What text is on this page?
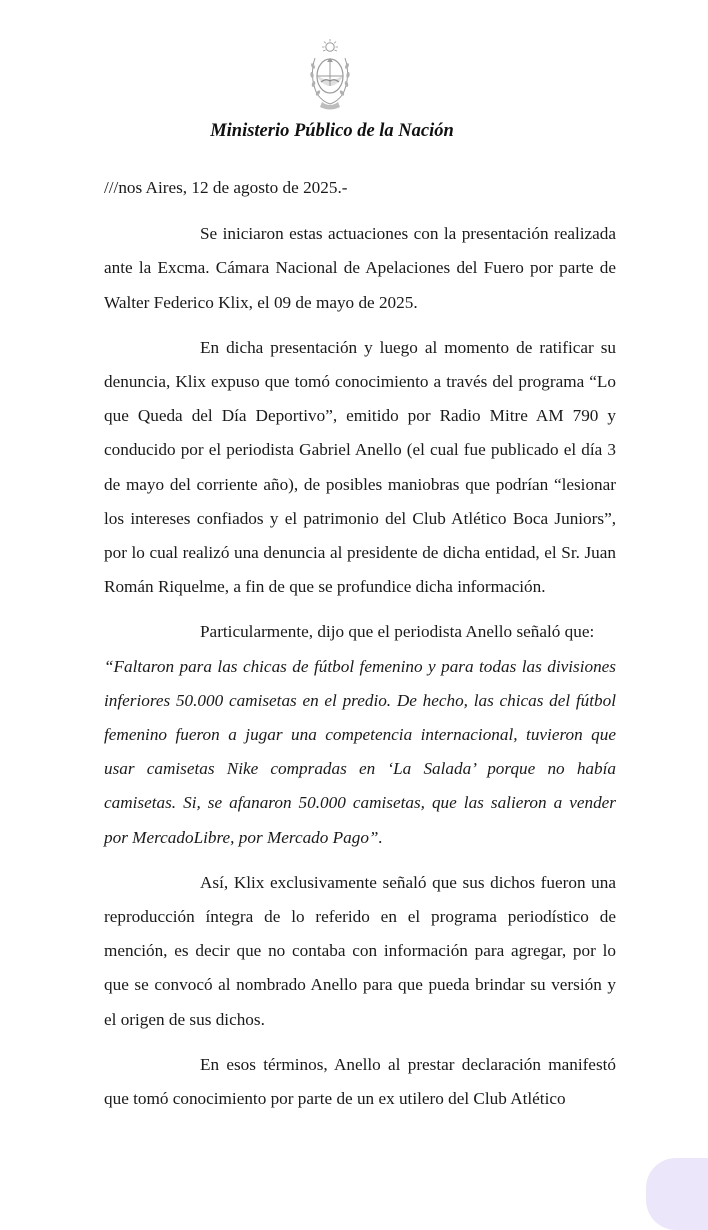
Ministerio Público de la Nación

///nos Aires, 12 de agosto de 2025.-

Se iniciaron estas actuaciones con la presentación realizada ante la Excma. Cámara Nacional de Apelaciones del Fuero por parte de Walter Federico Klix, el 09 de mayo de 2025.

En dicha presentación y luego al momento de ratificar su denuncia, Klix expuso que tomó conocimiento a través del programa “Lo que Queda del Día Deportivo”, emitido por Radio Mitre AM 790 y conducido por el periodista Gabriel Anello (el cual fue publicado el día 3 de mayo del corriente año), de posibles maniobras que podrían “lesionar los intereses confiados y el patrimonio del Club Atlético Boca Juniors”, por lo cual realizó una denuncia al presidente de dicha entidad, el Sr. Juan Román Riquelme, a fin de que se profundice dicha información.

Particularmente, dijo que el periodista Anello señaló que:

“Faltaron para las chicas de fútbol femenino y para todas las divisiones inferiores 50.000 camisetas en el predio. De hecho, las chicas del fútbol femenino fueron a jugar una competencia internacional, tuvieron que usar camisetas Nike compradas en ‘La Salada’ porque no había camisetas. Si, se afanaron 50.000 camisetas, que las salieron a vender por MercadoLibre, por Mercado Pago”.

Así, Klix exclusivamente señaló que sus dichos fueron una reproducción íntegra de lo referido en el programa periodístico de mención, es decir que no contaba con información para agregar, por lo que se convocó al nombrado Anello para que pueda brindar su versión y el origen de sus dichos.

En esos términos, Anello al prestar declaración manifestó que tomó conocimiento por parte de un ex utilero del Club Atlético
